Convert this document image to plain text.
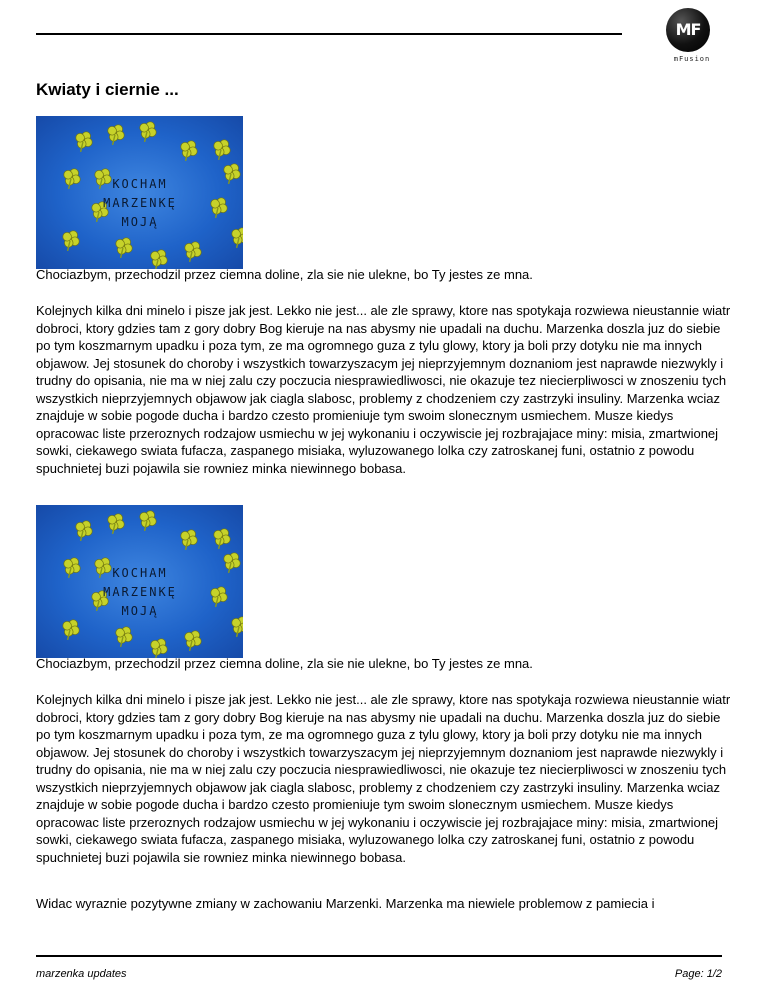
MF
mFusion
Kwiaty i ciernie ...
KOCHAM
MARZENKĘ
MOJĄ
Chociazbym, przechodzil przez ciemna doline, zla sie nie ulekne, bo Ty jestes ze mna.

Kolejnych kilka dni minelo i pisze jak jest. Lekko nie jest... ale zle sprawy, ktore nas spotykaja rozwiewa nieustannie wiatr dobroci, ktory gdzies tam z gory dobry Bog kieruje na nas abysmy nie upadali na duchu. Marzenka doszla juz do siebie po tym koszmarnym upadku i poza tym, ze ma ogromnego guza z tylu glowy, ktory ja boli przy dotyku nie ma innych objawow. Jej stosunek do choroby i wszystkich towarzyszacym jej nieprzyjemnym doznaniom jest naprawde niezwykly i trudny do opisania, nie ma w niej zalu czy poczucia niesprawiedliwosci, nie okazuje tez niecierpliwosci w znoszeniu tych wszystkich nieprzyjemnych objawow jak ciagla slabosc, problemy z chodzeniem czy zastrzyki insuliny. Marzenka wciaz znajduje w sobie pogode ducha i bardzo czesto promieniuje tym swoim slonecznym usmiechem. Musze kiedys opracowac liste przeroznych rodzajow usmiechu w jej wykonaniu i oczywiscie jej rozbrajajace miny: misia, zmartwionej sowki, ciekawego swiata fufacza, zaspanego misiaka, wyluzowanego lolka czy zatroskanej funi, ostatnio z powodu spuchnietej buzi pojawila sie rowniez minka niewinnego bobasa.

KOCHAM
MARZENKĘ
MOJĄ
Chociazbym, przechodzil przez ciemna doline, zla sie nie ulekne, bo Ty jestes ze mna.

Kolejnych kilka dni minelo i pisze jak jest. Lekko nie jest... ale zle sprawy, ktore nas spotykaja rozwiewa nieustannie wiatr dobroci, ktory gdzies tam z gory dobry Bog kieruje na nas abysmy nie upadali na duchu. Marzenka doszla juz do siebie po tym koszmarnym upadku i poza tym, ze ma ogromnego guza z tylu glowy, ktory ja boli przy dotyku nie ma innych objawow. Jej stosunek do choroby i wszystkich towarzyszacym jej nieprzyjemnym doznaniom jest naprawde niezwykly i trudny do opisania, nie ma w niej zalu czy poczucia niesprawiedliwosci, nie okazuje tez niecierpliwosci w znoszeniu tych wszystkich nieprzyjemnych objawow jak ciagla slabosc, problemy z chodzeniem czy zastrzyki insuliny. Marzenka wciaz znajduje w sobie pogode ducha i bardzo czesto promieniuje tym swoim slonecznym usmiechem. Musze kiedys opracowac liste przeroznych rodzajow usmiechu w jej wykonaniu i oczywiscie jej rozbrajajace miny: misia, zmartwionej sowki, ciekawego swiata fufacza, zaspanego misiaka, wyluzowanego lolka czy zatroskanej funi, ostatnio z powodu spuchnietej buzi pojawila sie rowniez minka niewinnego bobasa.

Widac wyraznie pozytywne zmiany w zachowaniu Marzenki. Marzenka ma niewiele problemow z pamiecia i
marzenka updates	Page: 1/2
